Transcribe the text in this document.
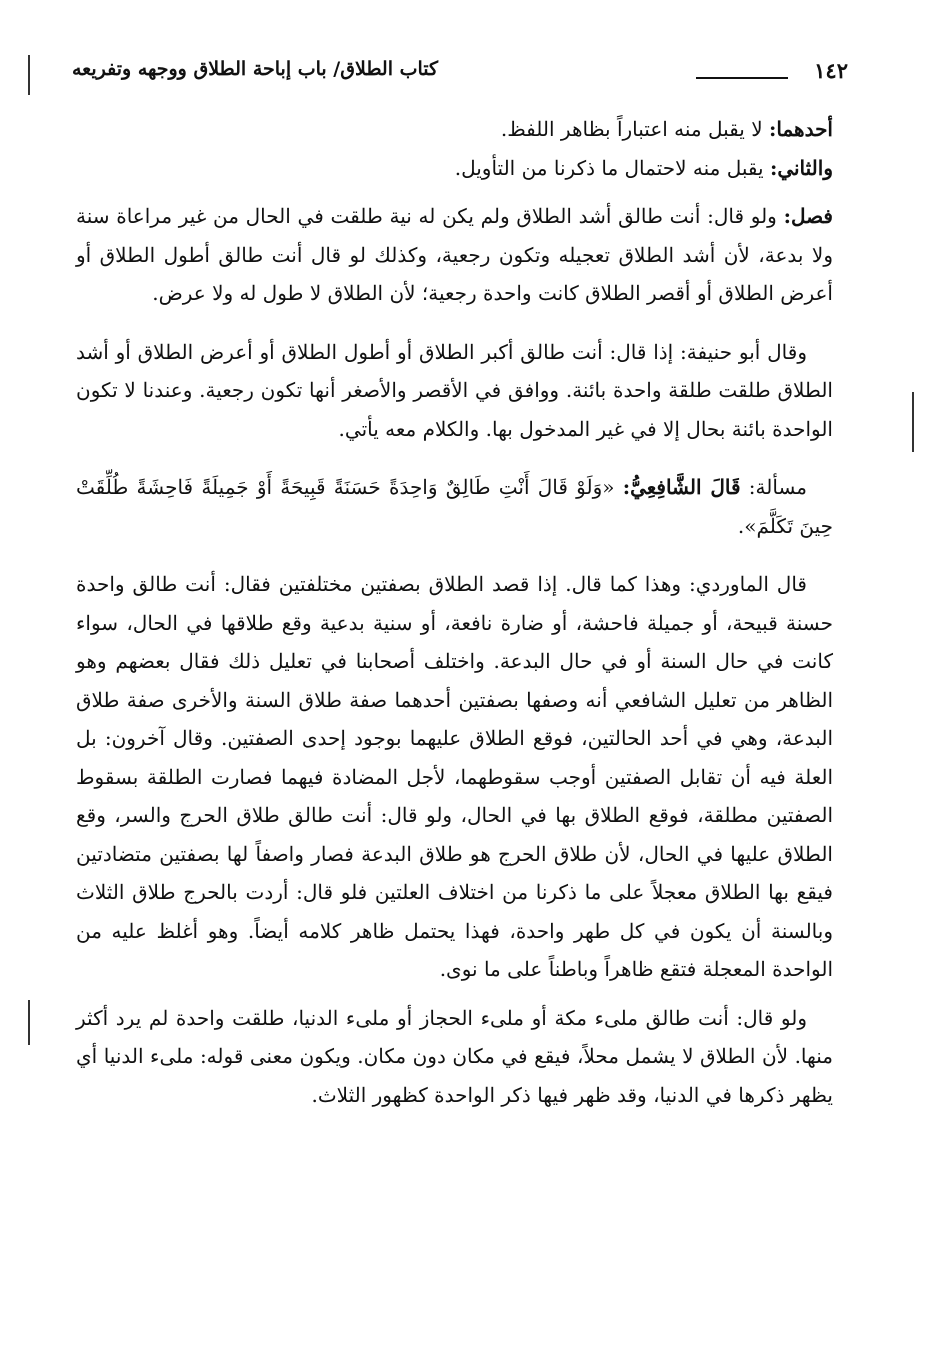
١٤٢
كتاب الطلاق/ باب إباحة الطلاق ووجهه وتفريعه

أحدهما: لا يقبل منه اعتباراً بظاهر اللفظ.

والثاني: يقبل منه لاحتمال ما ذكرنا من التأويل.

فصل: ولو قال: أنت طالق أشد الطلاق ولم يكن له نية طلقت في الحال من غير مراعاة سنة ولا بدعة، لأن أشد الطلاق تعجيله وتكون رجعية، وكذلك لو قال أنت طالق أطول الطلاق أو أعرض الطلاق أو أقصر الطلاق كانت واحدة رجعية؛ لأن الطلاق لا طول له ولا عرض.

وقال أبو حنيفة: إذا قال: أنت طالق أكبر الطلاق أو أطول الطلاق أو أعرض الطلاق أو أشد الطلاق طلقت طلقة واحدة بائنة. ووافق في الأقصر والأصغر أنها تكون رجعية. وعندنا لا تكون الواحدة بائنة بحال إلا في غير المدخول بها. والكلام معه يأتي.

مسألة: قَالَ الشَّافِعِيُّ: «وَلَوْ قَالَ أَنْتِ طَالِقٌ وَاحِدَةً حَسَنَةً قَبِيحَةً أَوْ جَمِيلَةً فَاحِشَةً طُلِّقَتْ حِينَ تَكَلَّمَ».

قال الماوردي: وهذا كما قال. إذا قصد الطلاق بصفتين مختلفتين فقال: أنت طالق واحدة حسنة قبيحة، أو جميلة فاحشة، أو ضارة نافعة، أو سنية بدعية وقع طلاقها في الحال، سواء كانت في حال السنة أو في حال البدعة. واختلف أصحابنا في تعليل ذلك فقال بعضهم وهو الظاهر من تعليل الشافعي أنه وصفها بصفتين أحدهما صفة طلاق السنة والأخرى صفة طلاق البدعة، وهي في أحد الحالتين، فوقع الطلاق عليهما بوجود إحدى الصفتين. وقال آخرون: بل العلة فيه أن تقابل الصفتين أوجب سقوطهما، لأجل المضادة فيهما فصارت الطلقة بسقوط الصفتين مطلقة، فوقع الطلاق بها في الحال، ولو قال: أنت طالق طلاق الحرج والسر، وقع الطلاق عليها في الحال، لأن طلاق الحرج هو طلاق البدعة فصار واصفاً لها بصفتين متضادتين فيقع بها الطلاق معجلاً على ما ذكرنا من اختلاف العلتين فلو قال: أردت بالحرج طلاق الثلاث وبالسنة أن يكون في كل طهر واحدة، فهذا يحتمل ظاهر كلامه أيضاً. وهو أغلظ عليه من الواحدة المعجلة فتقع ظاهراً وباطناً على ما نوى.

ولو قال: أنت طالق ملىء مكة أو ملىء الحجاز أو ملىء الدنيا، طلقت واحدة لم يرد أكثر منها. لأن الطلاق لا يشمل محلاً، فيقع في مكان دون مكان. ويكون معنى قوله: ملىء الدنيا أي يظهر ذكرها في الدنيا، وقد ظهر فيها ذكر الواحدة كظهور الثلاث.
